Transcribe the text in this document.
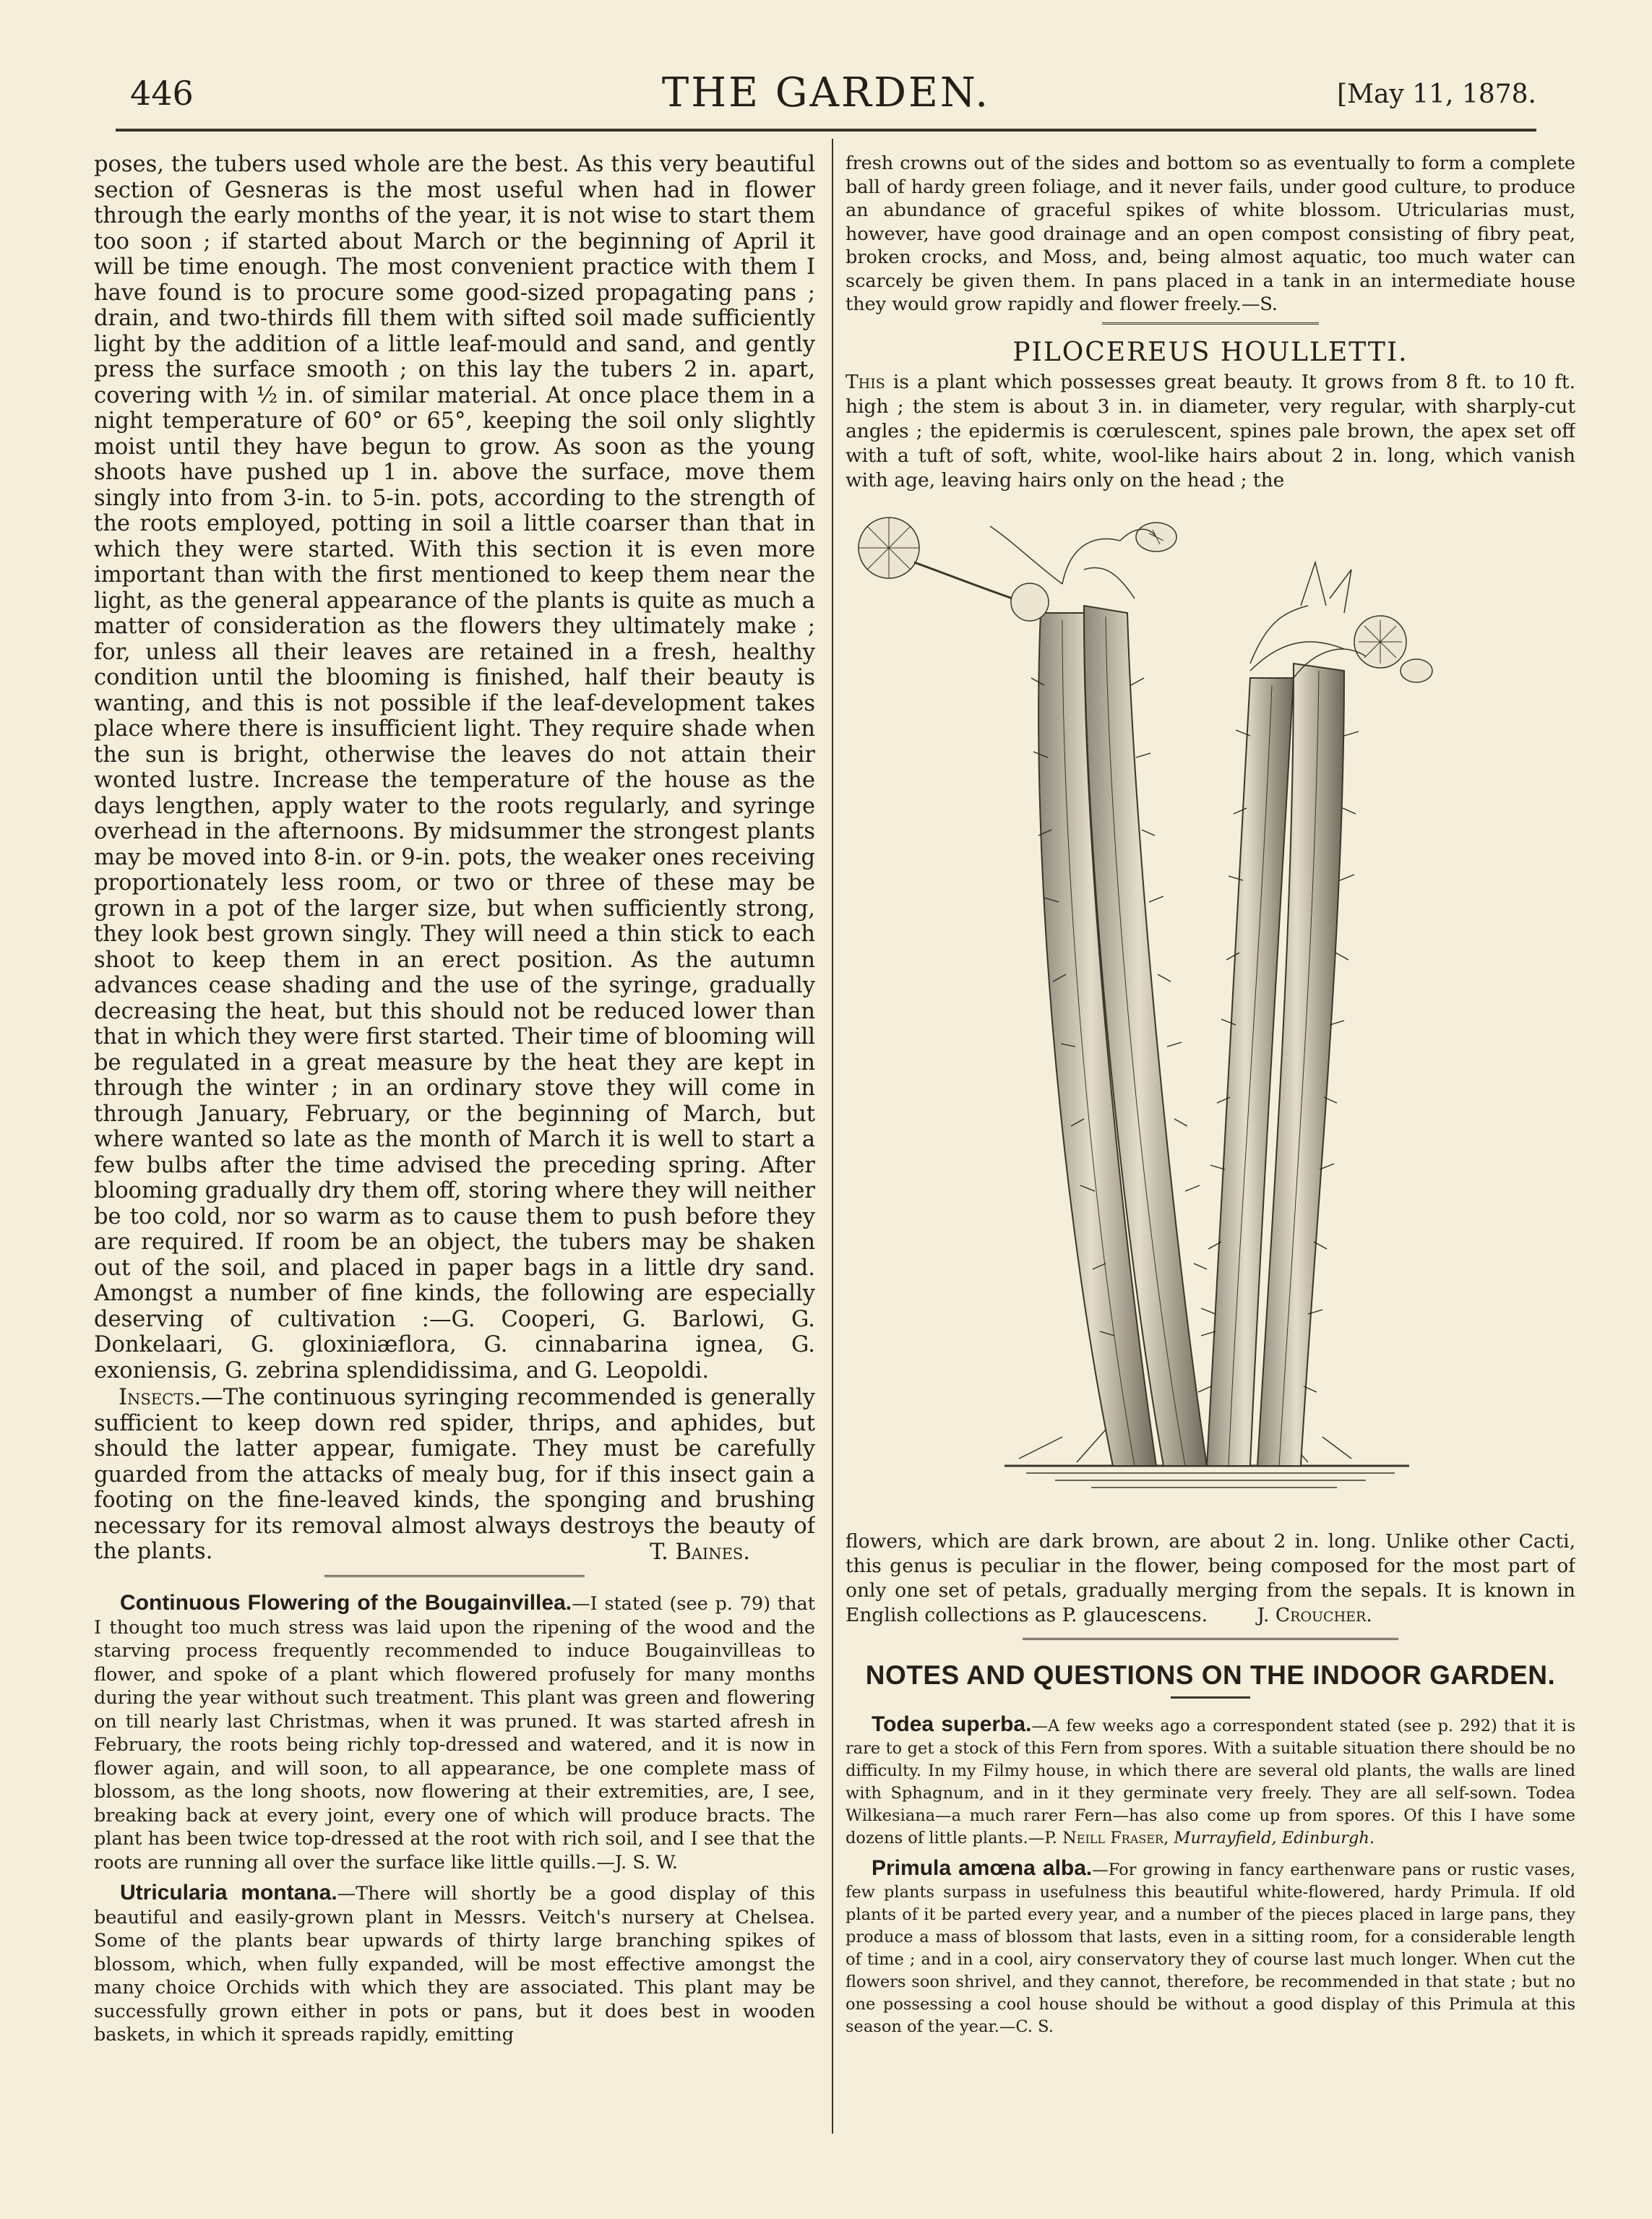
446	THE GARDEN.	[May 11, 1878.

poses, the tubers used whole are the best. As this very beautiful section of Gesneras is the most useful when had in flower through the early months of the year, it is not wise to start them too soon ; if started about March or the beginning of April it will be time enough. The most convenient practice with them I have found is to procure some good-sized propagating pans ; drain, and two-thirds fill them with sifted soil made sufficiently light by the addition of a little leaf-mould and sand, and gently press the surface smooth ; on this lay the tubers 2 in. apart, covering with ½ in. of similar material. At once place them in a night temperature of 60° or 65°, keeping the soil only slightly moist until they have begun to grow. As soon as the young shoots have pushed up 1 in. above the surface, move them singly into from 3-in. to 5-in. pots, according to the strength of the roots employed, potting in soil a little coarser than that in which they were started. With this section it is even more important than with the first mentioned to keep them near the light, as the general appearance of the plants is quite as much a matter of consideration as the flowers they ultimately make ; for, unless all their leaves are retained in a fresh, healthy condition until the blooming is finished, half their beauty is wanting, and this is not possible if the leaf-development takes place where there is insufficient light. They require shade when the sun is bright, otherwise the leaves do not attain their wonted lustre. Increase the temperature of the house as the days lengthen, apply water to the roots regularly, and syringe overhead in the afternoons. By midsummer the strongest plants may be moved into 8-in. or 9-in. pots, the weaker ones receiving proportionately less room, or two or three of these may be grown in a pot of the larger size, but when sufficiently strong, they look best grown singly. They will need a thin stick to each shoot to keep them in an erect position. As the autumn advances cease shading and the use of the syringe, gradually decreasing the heat, but this should not be reduced lower than that in which they were first started. Their time of blooming will be regulated in a great measure by the heat they are kept in through the winter ; in an ordinary stove they will come in through January, February, or the beginning of March, but where wanted so late as the month of March it is well to start a few bulbs after the time advised the preceding spring. After blooming gradually dry them off, storing where they will neither be too cold, nor so warm as to cause them to push before they are required. If room be an object, the tubers may be shaken out of the soil, and placed in paper bags in a little dry sand. Amongst a number of fine kinds, the following are especially deserving of cultivation :—G. Cooperi, G. Barlowi, G. Donkelaari, G. gloxiniæflora, G. cinnabarina ignea, G. exoniensis, G. zebrina splendidissima, and G. Leopoldi.

Insects.—The continuous syringing recommended is generally sufficient to keep down red spider, thrips, and aphides, but should the latter appear, fumigate. They must be carefully guarded from the attacks of mealy bug, for if this insect gain a footing on the fine-leaved kinds, the sponging and brushing necessary for its removal almost always destroys the beauty of the plants.	T. Baines.

Continuous Flowering of the Bougainvillea.—I stated (see p. 79) that I thought too much stress was laid upon the ripening of the wood and the starving process frequently recommended to induce Bougainvilleas to flower, and spoke of a plant which flowered profusely for many months during the year without such treatment. This plant was green and flowering on till nearly last Christmas, when it was pruned. It was started afresh in February, the roots being richly top-dressed and watered, and it is now in flower again, and will soon, to all appearance, be one complete mass of blossom, as the long shoots, now flowering at their extremities, are, I see, breaking back at every joint, every one of which will produce bracts. The plant has been twice top-dressed at the root with rich soil, and I see that the roots are running all over the surface like little quills.—J. S. W.

Utricularia montana.—There will shortly be a good display of this beautiful and easily-grown plant in Messrs. Veitch's nursery at Chelsea. Some of the plants bear upwards of thirty large branching spikes of blossom, which, when fully expanded, will be most effective amongst the many choice Orchids with which they are associated. This plant may be successfully grown either in pots or pans, but it does best in wooden baskets, in which it spreads rapidly, emitting

fresh crowns out of the sides and bottom so as eventually to form a complete ball of hardy green foliage, and it never fails, under good culture, to produce an abundance of graceful spikes of white blossom. Utricularias must, however, have good drainage and an open compost consisting of fibry peat, broken crocks, and Moss, and, being almost aquatic, too much water can scarcely be given them. In pans placed in a tank in an intermediate house they would grow rapidly and flower freely.—S.

PILOCEREUS HOULLETTI.

This is a plant which possesses great beauty. It grows from 8 ft. to 10 ft. high ; the stem is about 3 in. in diameter, very regular, with sharply-cut angles ; the epidermis is cœrulescent, spines pale brown, the apex set off with a tuft of soft, white, wool-like hairs about 2 in. long, which vanish with age, leaving hairs only on the head ; the

flowers, which are dark brown, are about 2 in. long. Unlike other Cacti, this genus is peculiar in the flower, being composed for the most part of only one set of petals, gradually merging from the sepals. It is known in English collections as P. glaucescens.	J. Croucher.

NOTES AND QUESTIONS ON THE INDOOR GARDEN.

Todea superba.—A few weeks ago a correspondent stated (see p. 292) that it is rare to get a stock of this Fern from spores. With a suitable situation there should be no difficulty. In my Filmy house, in which there are several old plants, the walls are lined with Sphagnum, and in it they germinate very freely. They are all self-sown. Todea Wilkesiana—a much rarer Fern—has also come up from spores. Of this I have some dozens of little plants.—P. Neill Fraser, Murrayfield, Edinburgh.

Primula amœna alba.—For growing in fancy earthenware pans or rustic vases, few plants surpass in usefulness this beautiful white-flowered, hardy Primula. If old plants of it be parted every year, and a number of the pieces placed in large pans, they produce a mass of blossom that lasts, even in a sitting room, for a considerable length of time ; and in a cool, airy conservatory they of course last much longer. When cut the flowers soon shrivel, and they cannot, therefore, be recommended in that state ; but no one possessing a cool house should be without a good display of this Primula at this season of the year.—C. S.
